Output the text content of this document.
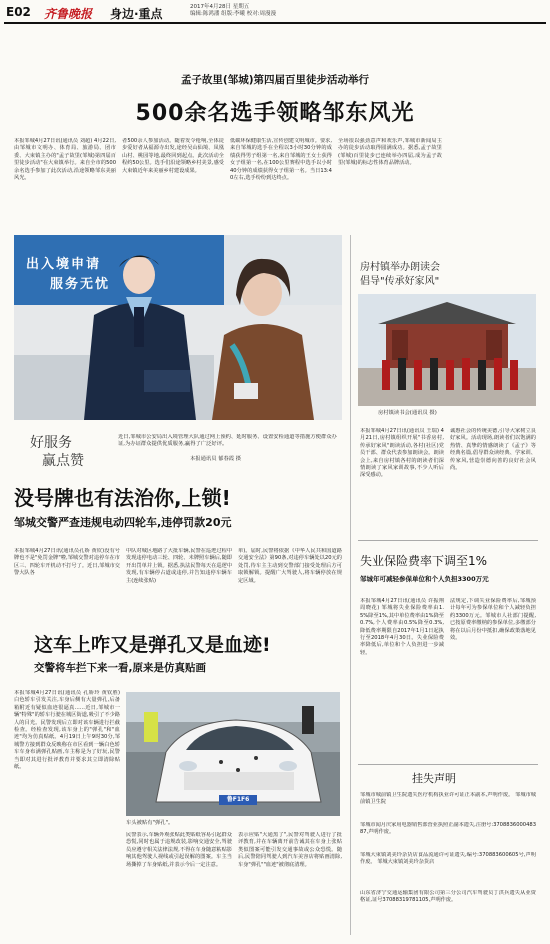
E02 齐鲁晚报 身边·重点	2017年4月28日 星期五
编辑:陈鸿潘 组版:李曦 校对:周漫漫
孟子故里(邹城)第四届百里徒步活动举行
500余名选手领略邹东风光
本报邹城4月27日讯(通讯员 刘超) 4月22日,由邹城市文明办、体育局、旅游局、团市委、大束镇主办的"孟子故里(邹城)第四届百里徒步活动"在大束镇举行。来自全市的500余名选手参加了此次活动,沿途领略邹东美丽风光。
者500余人参加活动。随着发令枪响,全体徒步爱好者从福源寺出发,途经吴山仙境、凤凰山村、桃园等地,最终回到起点。此次活动全程约50公里。选手们沿途领略乡村美景,感受大束镇近年来美丽乡村建设成果。
低碳环保健康生活,宣传创建文明城市。要求,来自邹城的选手在全程以3小时30分钟的成绩获得男子组第一名,来自邹城的王女士获得女子组第一名,在100公里赛程中选手以小时40分钟的成绩获得女子组第一名。当日13:40左右,选手纷纷到达终点。
全场很以强劲意声和欢乐声,邹城市新闻局主办的徒步活动取得圆满成功。据悉,孟子故里(邹城)百里徒步已连续举办四届,成为孟子故里(邹城)的标志性体育品牌活动。
出入境申请
服务无忧
好服务
赢点赞
近日,邹城市公安局出入境管理大队通过网上预约、延时服务、设置安检通道等措施方便群众办证,为办证群众提供优质服务,赢得了广泛好评。
本报通讯员 郁春霞 摄
没号牌也有法治你,上锁!
邹城交警严查违规电动四轮车,违停罚款20元
本报邹城4月27日讯(通讯员孔娇 黄钦)没有号牌也不是"免罚金牌"啦,邹城交警对违停车在市区三、四轮车开机动不打号了。近日,邹城市交警大队各
中队对城区地路了大批车辆,民警在巡逻过程中发现违停电动三轮、四轮、未牌照车辆后,随即开出罚单并上锁。据悉,执法民警每天在巡逻中发现,有车辆停占道或违停,并告知违停车辆车主(连续张贴)
单)。届时,民警将依据《中华人民共和国道路交通安全法》第90条,对违停车辆处以20元的处罚,待车主主动到交警部门接受处理后方可取锁解锁。提醒广大驾驶人,将车辆停放在规定区域。
这车上咋又是弹孔又是血迹!
交警将车拦下来一看,原来是仿真贴画
本报邹城4月27日讯(通讯员 孔娇玲 黄钦胜) 白色轿车引发关注,车身后侧有大量弹孔,后备箱附近有疑似血迹很逼真……近日,邹城市一辆"特殊"的轿车行驶在城区街道,吸引了不少路人的目光。民警发现后立即对该车辆进行拦截检查。经检查发现,该车身上的"弹孔"和"血迹"均为仿真贴纸。4月19日上午9时30分,邹城警方接到群众反映称在市区看到一辆白色轿车车身布满弹孔贴画,车主称是为了好玩,民警当即对其进行批评教育并要求其立即清除贴纸。
鲁F1F6
车头被贴有"弹孔"。
民警表示,车辆外观张贴此类贴纸容易引起群众恐慌,同时也属于违规改装,影响交通安全,驾驶员应遵守相关法律法规,不得在车身随意粘贴影响其他驾驶人视线或引起误解的图案。车主当场撕掉了车身贴纸,并表示今后一定注意。
表示应贴"大通黑了",民警对驾驶人进行了批评教育,并在车辆离开前告诫其在车身上张贴类似图案可能引发交通事故或公众恐慌。随后,民警陪同驾驶人到汽车美容店将贴画清除,车身"弹孔""血迹"被彻底清理。
房村镇举办朗读会
倡导"传承好家风"
房村镇读书会(通讯员 摄)
本报邹城4月27日讯(通讯员 王瑞) 4月21日,房村镇组织开展"书香房村,传承好家风"朗读活动,各村(社区)党员干部、群众代表参加朗读会。朗读会上,来自房村镇各村的朗读者们深情朗读了家风家训故事,不少人听后深受感动。
诚惠社会的传统美德,引导大家树立良好家风。活动现场,朗读者们以饱满的热情、真挚的情感朗读了《孟子》等经典名篇,倡导群众读经典、学家训、传家风,营造崇德向善的良好社会风尚。
失业保险费率下调至1%
邹城年可减轻参保单位和个人负担3300万元
本报邹城4月27日讯(通讯员 许振翔 周晓花) 邹城将失业保险费率由1.5%降至1%,其中单位费率由1%降至0.7%,个人费率由0.5%降至0.3%,降低费率期限自2017年1月1日起执行至2018年4月30日。失业保险费率降低后,单位和个人负担进一步减轻。
法规定,下调失业保险费率后,邹城预计每年可为参保单位和个人减轻负担约3300万元。邹城市人社部门提醒,已按原费率缴纳的参保单位,多缴部分将在以后月份中抵扣,确保政策落地见效。
挂失声明
邹城市城前镇卫生院遗失医疗机构执业许可证正本副本,声明作废。 邹城市城前镇卫生院
邹城市闻月庆家用电器销售部营业执照正副本遗失,注册号:370883600048387,声明作废。
邹城大束镇刘美玲杂货店食品流通许可证遗失,编号:370883600605号,声明作废。 邹城大束镇刘美玲杂货店
山东省济宁交通运输集团有限公司第三分公司汽车驾驶员丁洪兵遗失从业资格证,证号37088319781105,声明作废。
